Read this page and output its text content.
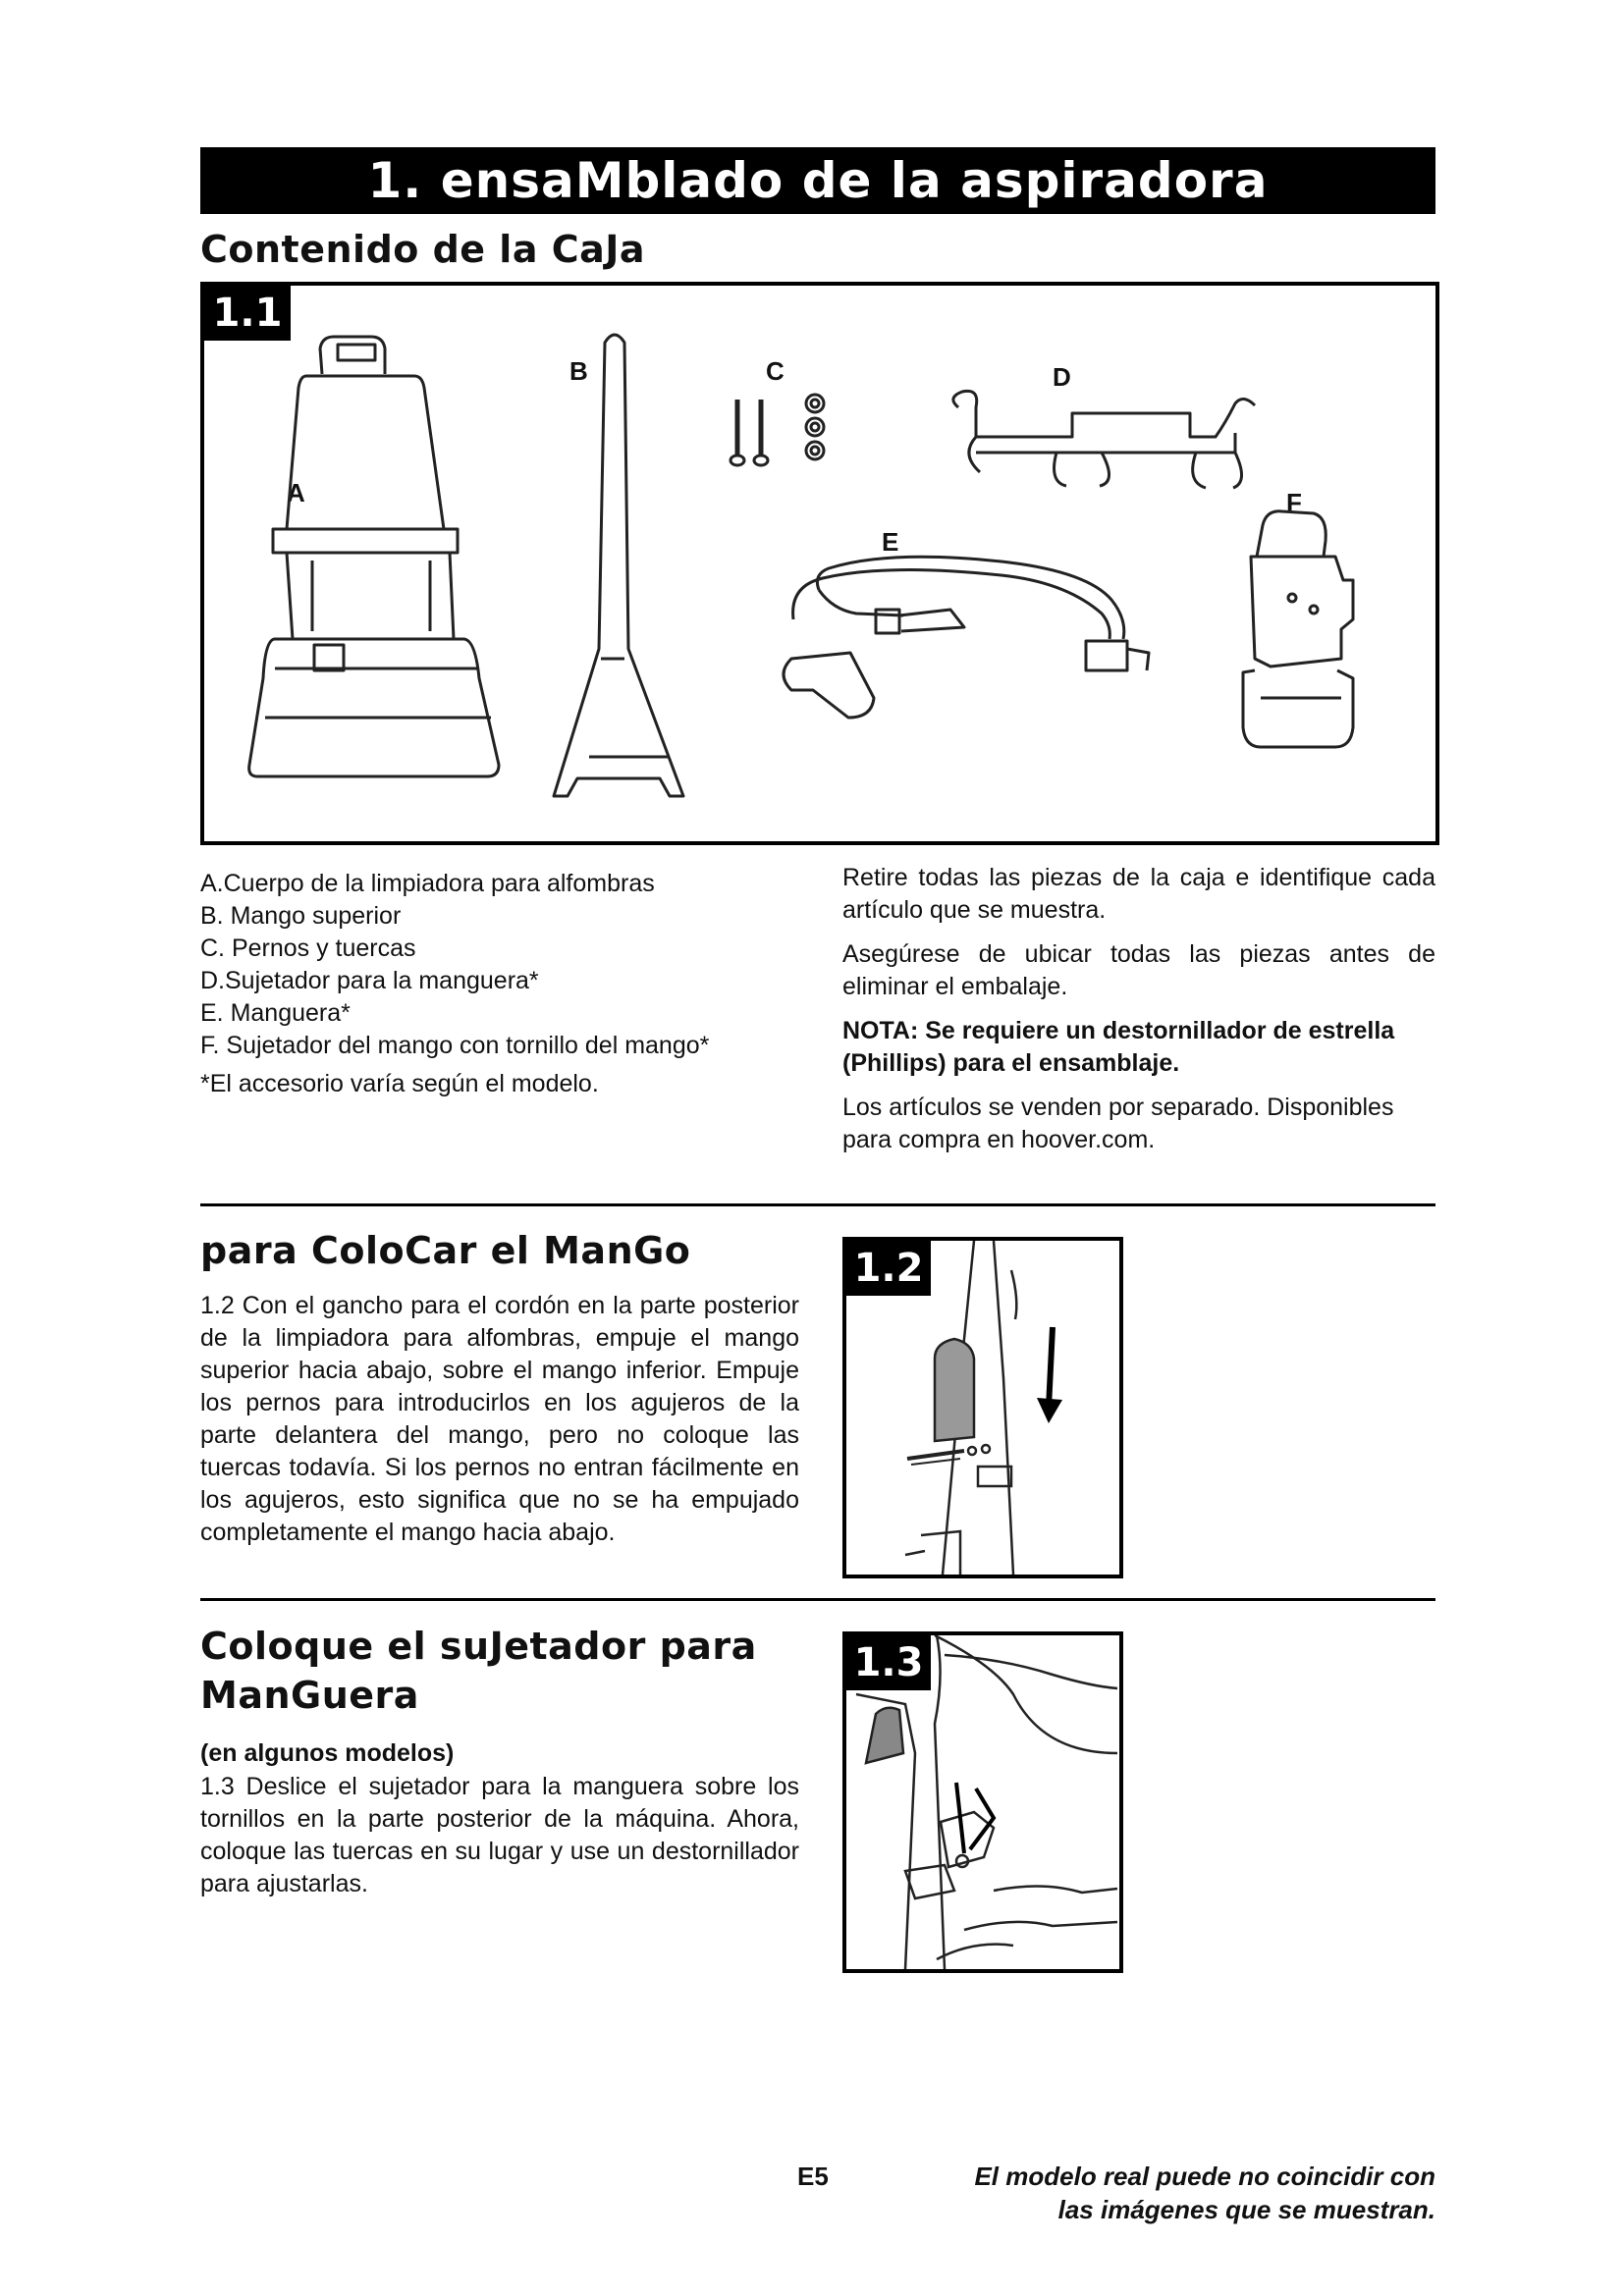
1. ensaMblado de la aspiradora
Contenido de la CaJa
1.1
A
B	C	D
E
F
A.Cuerpo de la limpiadora para alfombras
B. Mango superior
C. Pernos y tuercas
D.Sujetador para la manguera*
E. Manguera*
F. Sujetador del mango con tornillo del mango*
*El accesorio varía según el modelo.

Retire todas las piezas de la caja e identifique cada artículo que se muestra.

Asegúrese de ubicar todas las piezas antes de eliminar el embalaje.

NOTA: Se requiere un destornillador de estrella (Phillips) para el ensamblaje.

Los artículos se venden por separado. Disponibles para compra en hoover.com.

para ColoCar el ManGo
1.2 Con el gancho para el cordón en la parte posterior de la limpiadora para alfombras, empuje el mango superior hacia abajo, sobre el mango inferior. Empuje los pernos para introducirlos en los agujeros de la parte delantera del mango, pero no coloque las tuercas todavía. Si los pernos no entran fácilmente en los agujeros, esto significa que no se ha empujado completamente el mango hacia abajo.
1.2
Coloque el suJetador para
ManGuera
(en algunos modelos)
1.3 Deslice el sujetador para la manguera sobre los tornillos en la parte posterior de la máquina. Ahora, coloque las tuercas en su lugar y use un destornillador para ajustarlas.
1.3
E5	El modelo real puede no coincidir con
las imágenes que se muestran.
